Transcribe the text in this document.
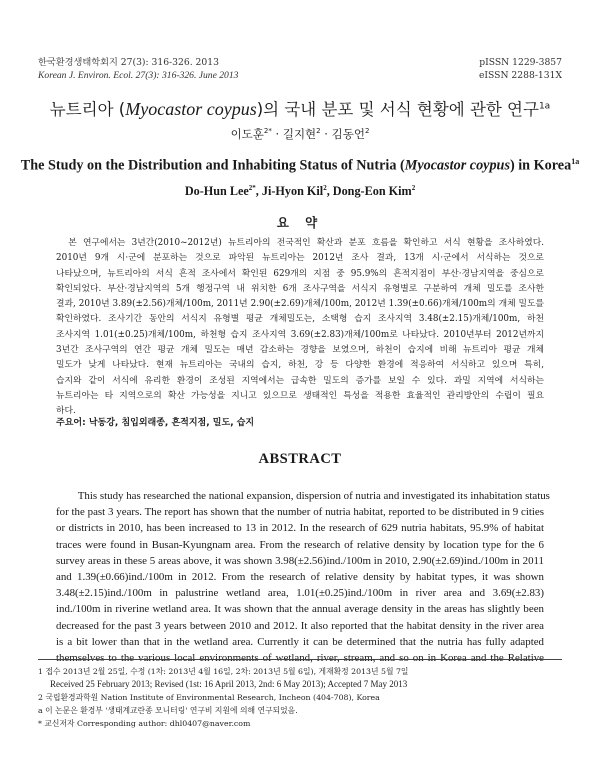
한국환경생태학회지 27(3): 316-326. 2013
Korean J. Environ. Ecol. 27(3): 316-326. June 2013
pISSN 1229-3857
eISSN 2288-131X
뉴트리아 (Myocastor coypus)의 국내 분포 및 서식 현황에 관한 연구$^{1a}$
이도훈$^{2*}$ · 길지현$^2$ · 김동언$^2$
The Study on the Distribution and Inhabiting Status of Nutria (Myocastor coypus) in Korea$^{1a}$
Do-Hun Lee$^{2*}$, Ji-Hyon Kil$^2$, Dong-Eon Kim$^2$
요 약
　본 연구에서는 3년간(2010~2012년) 뉴트리아의 전국적인 확산과 분포 흐름을 확인하고 서식 현황을 조사하였다.
2010년 9개 시·군에 분포하는 것으로 파악된 뉴트리아는 2012년 조사 결과, 13개 시·군에서 서식하는 것으로
나타났으며, 뉴트리아의 서식 흔적 조사에서 확인된 629개의 지점 중 95.9%의 흔적지점이 부산·경남지역을 중심으로
확인되었다. 부산·경남지역의 5개 행정구역 내 위치한 6개 조사구역을 서식지 유형별로 구분하여 개체 밀도를 조사한
결과, 2010년 3.89(±2.56)개체/100m, 2011년 2.90(±2.69)개체/100m, 2012년 1.39(±0.66)개체/100m의 개체 밀도를
확인하였다. 조사기간 동안의 서식지 유형별 평균 개체밀도는, 소택형 습지 조사지역 3.48(±2.15)개체/100m, 하천
조사지역 1.01(±0.25)개체/100m, 하천형 습지 조사지역 3.69(±2.83)개체/100m로 나타났다. 2010년부터 2012년까지
3년간 조사구역의 연간 평균 개체 밀도는 매년 감소하는 경향을 보였으며, 하천이 습지에 비해 뉴트리아 평균 개체
밀도가 낮게 나타났다. 현재 뉴트리아는 국내의 습지, 하천, 강 등 다양한 환경에 적응하여 서식하고 있으며 특히,
습지와 같이 서식에 유리한 환경이 조성된 지역에서는 급속한 밀도의 증가를 보일 수 있다. 과밀 지역에 서식하는
뉴트리아는 타 지역으로의 확산 가능성을 지니고 있으므로 생태적인 특성을 적용한 효율적인 관리방안의 수립이 필요
하다.
주요어: 낙동강, 침입외래종, 흔적지점, 밀도, 습지
ABSTRACT
　　This study has researched the national expansion, dispersion of nutria and investigated its inhabitation status
for the past 3 years. The report has shown that the number of nutria habitat, reported to be distributed in 9 cities
or districts in 2010, has been increased to 13 in 2012. In the research of 629 nutria habitats, 95.9% of habitat
traces were found in Busan-Kyungnam area. From the research of relative density by location type for the 6
survey areas in these 5 areas above, it was shown 3.98(±2.56)ind./100m in 2010, 2.90(±2.69)ind./100m in 2011
and 1.39(±0.66)ind./100m in 2012. From the research of relative density by habitat types, it was shown
3.48(±2.15)ind./100m in palustrine wetland area, 1.01(±0.25)ind./100m in river area and 3.69(±2.83)
ind./100m in riverine wetland area. It was shown that the annual average density in the areas has slightly been
decreased for the past 3 years between 2010 and 2012. It also reported that the habitat density in the river area
is a bit lower than that in the wetland area. Currently it can be determined that the nutria has fully adapted
themselves to the various local environments of wetland, river, stream, and so on in Korea and the Relative
1 접수 2013년 2월 25일, 수정 (1차: 2013년 4월 16일, 2차: 2013년 5월 6일), 게재확정 2013년 5월 7일
Received 25 February 2013; Revised (1st: 16 April 2013, 2nd: 6 May 2013); Accepted 7 May 2013
2 국립환경과학원 Nation Institute of Environmental Research, Incheon (404-708), Korea
a 이 논문은 환경부 '생태계교란종 모니터링' 연구비 지원에 의해 연구되었음.
* 교신저자 Corresponding author: dhl0407@naver.com
